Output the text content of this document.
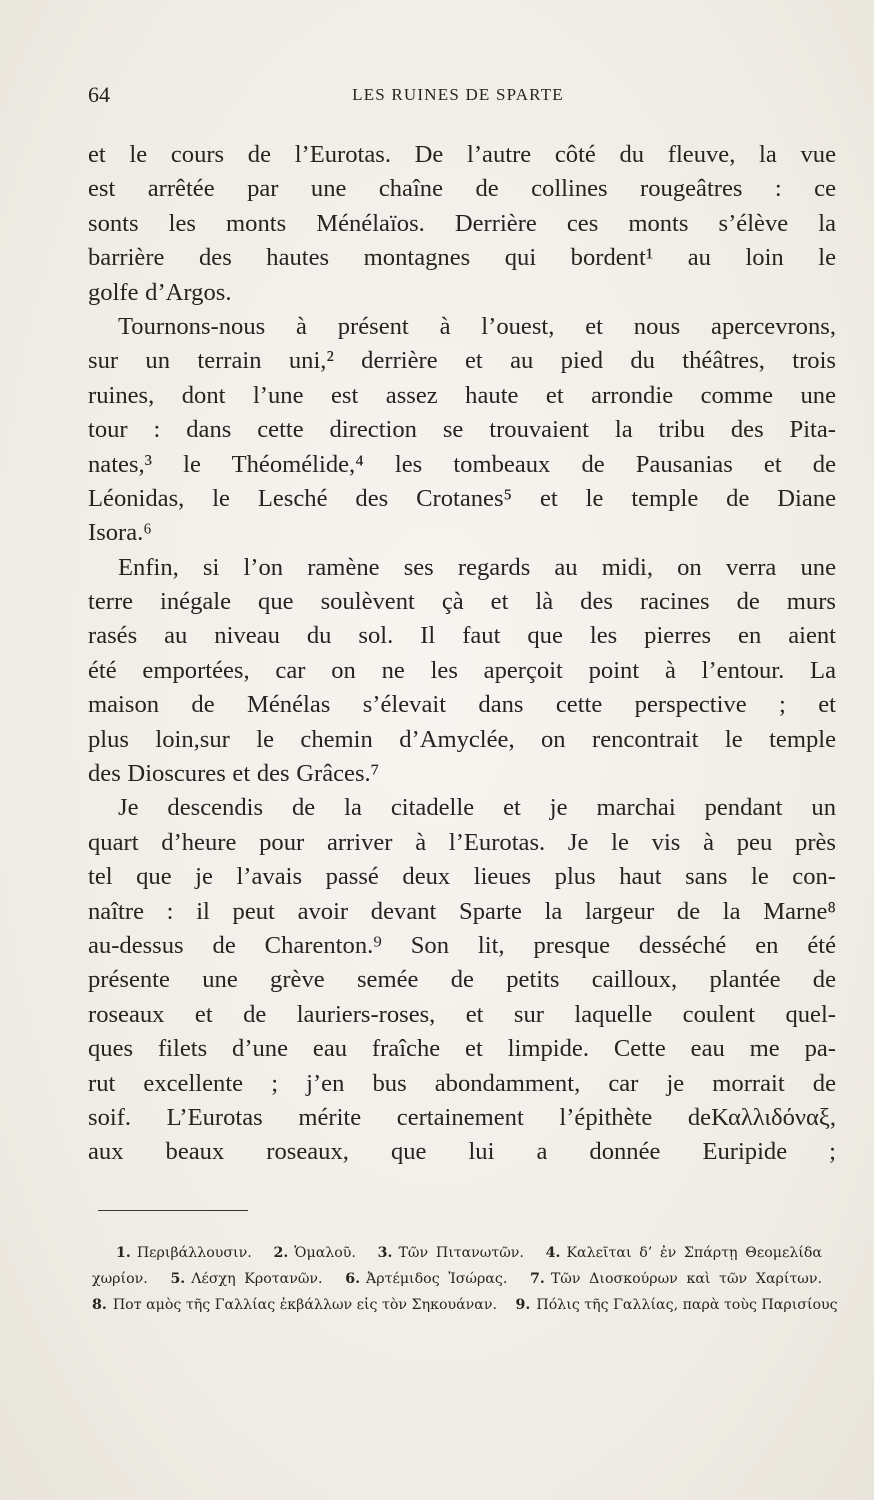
64	LES RUINES DE SPARTE

et le cours de l’Eurotas. De l’autre côté du fleuve, la vue
est arrêtée par une chaîne de collines rougeâtres : ce
sonts les monts Ménélaïos. Derrière ces monts s’élève la
barrière des hautes montagnes qui bordent¹ au loin le
golfe d’Argos.

Tournons-nous à présent à l’ouest, et nous apercevrons,
sur un terrain uni,² derrière et au pied du théâtres, trois
ruines, dont l’une est assez haute et arrondie comme une
tour : dans cette direction se trouvaient la tribu des Pita-
nates,³ le Théomélide,⁴ les tombeaux de Pausanias et de
Léonidas, le Lesché des Crotanes⁵ et le temple de Diane
Isora.⁶

Enfin, si l’on ramène ses regards au midi, on verra une
terre inégale que soulèvent çà et là des racines de murs
rasés au niveau du sol. Il faut que les pierres en aient
été emportées, car on ne les aperçoit point à l’entour. La
maison de Ménélas s’élevait dans cette perspective ; et
plus loin,sur le chemin d’Amyclée, on rencontrait le temple
des Dioscures et des Grâces.⁷

Je descendis de la citadelle et je marchai pendant un
quart d’heure pour arriver à l’Eurotas. Je le vis à peu près
tel que je l’avais passé deux lieues plus haut sans le con-
naître : il peut avoir devant Sparte la largeur de la Marne⁸
au-dessus de Charenton.⁹ Son lit, presque desséché en été
présente une grève semée de petits cailloux, plantée de
roseaux et de lauriers-roses, et sur laquelle coulent quel-
ques filets d’une eau fraîche et limpide. Cette eau me pa-
rut excellente ; j’en bus abondamment, car je morrait de
soif. L’Eurotas mérite certainement l’épithète deΚαλλιδόναξ,
aux beaux roseaux, que lui a donnée Euripide ;

1. Περιβάλλουσιν. 2. Ὁμαλοῦ. 3. Τῶν Πιτανωτῶν. 4. Καλεῖται δ’ ἐν Σπάρτῃ Θεομελίδα
χωρίον. 5. Λέσχη Κροτανῶν. 6. Ἀρτέμιδος Ἰσώρας. 7. Τῶν Διοσκούρων καὶ τῶν Χαρίτων.
8. Пот αμὸς τῆς Γαλλίας ἐκβάλλων εἰς τὸν Σηκουάναν. 9. Πόλις τῆς Γαλλίας, παρὰ τοὺς Παρισίους
